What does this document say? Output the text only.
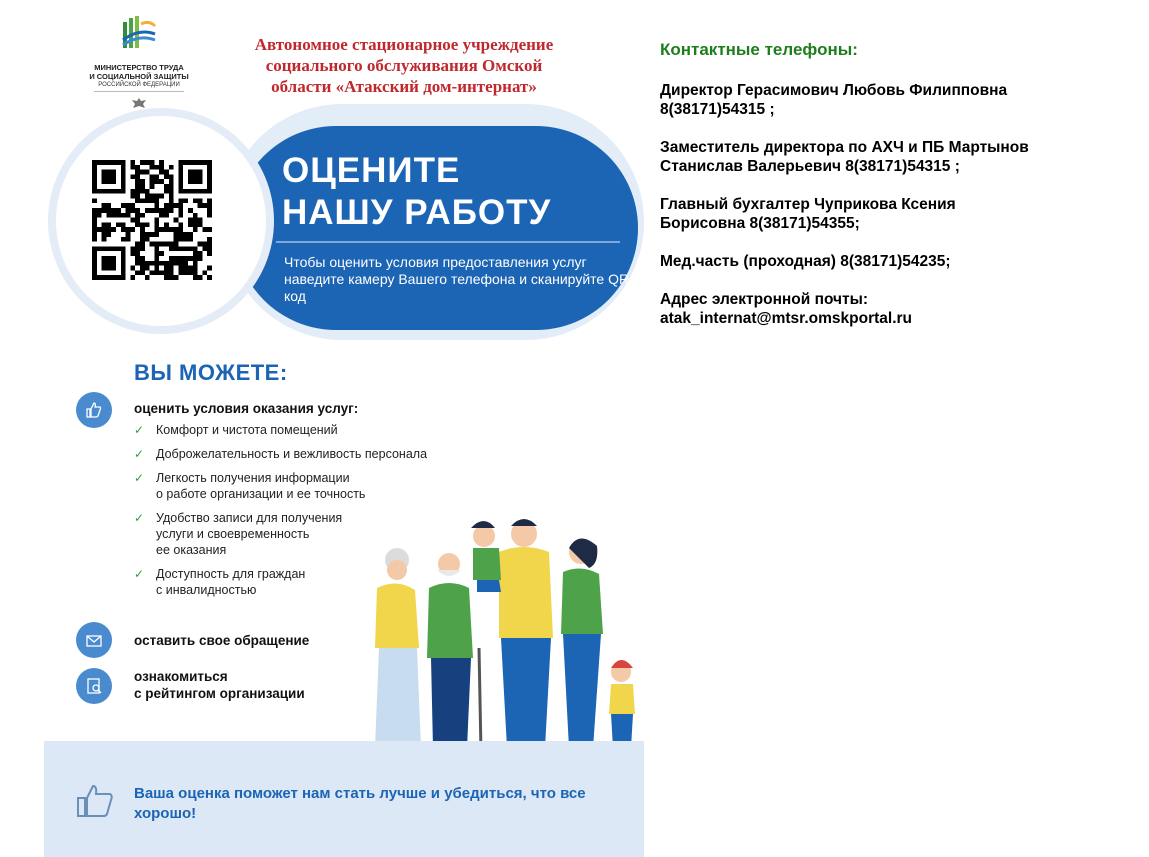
МИНИСТЕРСТВО ТРУДА
И СОЦИАЛЬНОЙ ЗАЩИТЫ
РОССИЙСКОЙ ФЕДЕРАЦИИ
Автономное стационарное учреждение
социального обслуживания Омской
области «Атакский дом-интернат»
ОЦЕНИТЕ
НАШУ РАБОТУ
Чтобы оценить условия предоставления услуг наведите камеру Вашего телефона и сканируйте QR-код
ВЫ МОЖЕТЕ:
оценить условия оказания услуг:
✓ Комфорт и чистота помещений
✓ Доброжелательность и вежливость персонала
✓ Легкость получения информации
о работе организации и ее точность
✓ Удобство записи для получения
услуги и своевременность
ее оказания
✓ Доступность для граждан
с инвалидностью
оставить свое обращение
ознакомиться
с рейтингом организации
Ваша оценка поможет нам стать лучше и убедиться, что все хорошо!
Контактные телефоны:
Директор Герасимович Любовь Филипповна
8(38171)54315 ;
Заместитель директора по АХЧ и ПБ Мартынов
Станислав Валерьевич 8(38171)54315 ;
Главный бухгалтер Чуприкова Ксения
Борисовна 8(38171)54355;
Мед.часть (проходная) 8(38171)54235;
Адрес электронной почты:
atak_internat@mtsr.omskportal.ru
